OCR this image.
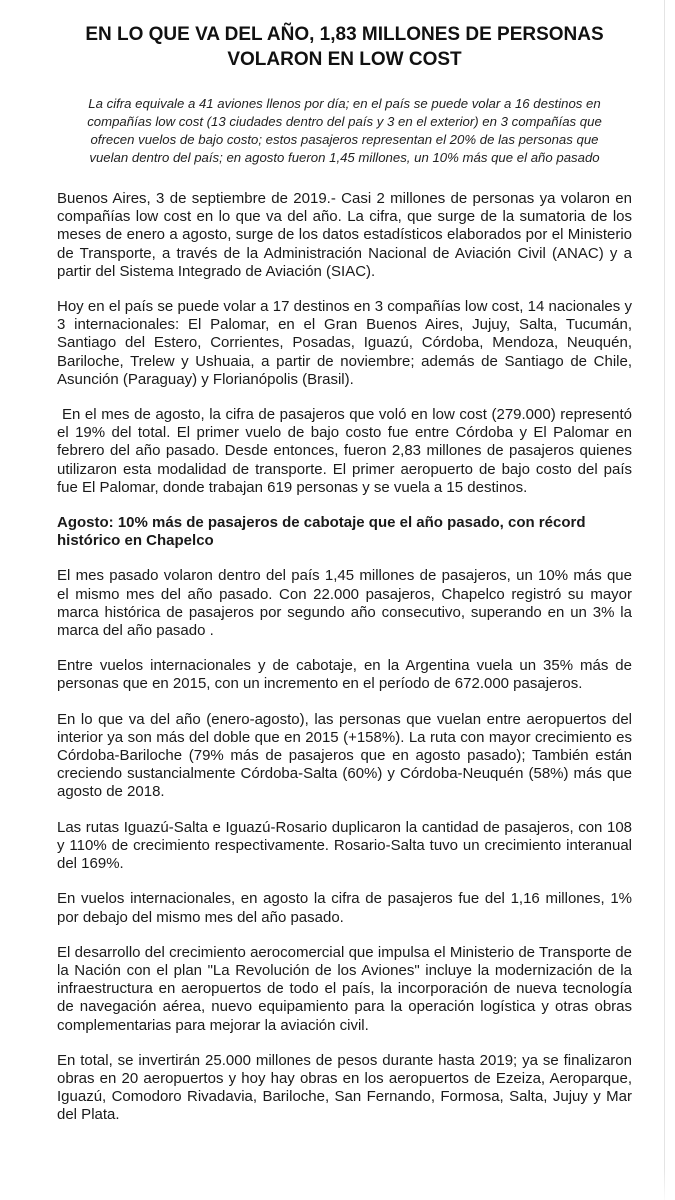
EN LO QUE VA DEL AÑO, 1,83 MILLONES DE PERSONAS
VOLARON EN LOW COST
La cifra equivale a 41 aviones llenos por día; en el país se puede volar a 16 destinos en
compañías low cost (13 ciudades dentro del país y 3 en el exterior) en 3 compañías que
ofrecen vuelos de bajo costo; estos pasajeros representan el 20% de las personas que
vuelan dentro del país; en agosto fueron 1,45 millones, un 10% más que el año pasado

Buenos Aires, 3 de septiembre de 2019.- Casi 2 millones de personas ya volaron en compañías low cost en lo que va del año. La cifra, que surge de la sumatoria de los meses de enero a agosto, surge de los datos estadísticos elaborados por el Ministerio de Transporte, a través de la Administración Nacional de Aviación Civil (ANAC) y a partir del Sistema Integrado de Aviación (SIAC).

Hoy en el país se puede volar a 17 destinos en 3 compañías low cost, 14 nacionales y 3 internacionales: El Palomar, en el Gran Buenos Aires, Jujuy, Salta, Tucumán, Santiago del Estero, Corrientes, Posadas, Iguazú, Córdoba, Mendoza, Neuquén, Bariloche, Trelew y Ushuaia, a partir de noviembre; además de Santiago de Chile, Asunción (Paraguay) y Florianópolis (Brasil).

En el mes de agosto, la cifra de pasajeros que voló en low cost (279.000) representó el 19% del total. El primer vuelo de bajo costo fue entre Córdoba y El Palomar en febrero del año pasado. Desde entonces, fueron 2,83 millones de pasajeros quienes utilizaron esta modalidad de transporte. El primer aeropuerto de bajo costo del país fue El Palomar, donde trabajan 619 personas y se vuela a 15 destinos.

Agosto: 10% más de pasajeros de cabotaje que el año pasado, con récord histórico en Chapelco

El mes pasado volaron dentro del país 1,45 millones de pasajeros, un 10% más que el mismo mes del año pasado. Con 22.000 pasajeros, Chapelco registró su mayor marca histórica de pasajeros por segundo año consecutivo, superando en un 3% la marca del año pasado .

Entre vuelos internacionales y de cabotaje, en la Argentina vuela un 35% más de personas que en 2015, con un incremento en el período de 672.000 pasajeros.

En lo que va del año (enero-agosto), las personas que vuelan entre aeropuertos del interior ya son más del doble que en 2015 (+158%). La ruta con mayor crecimiento es Córdoba-Bariloche (79% más de pasajeros que en agosto pasado); También están creciendo sustancialmente Córdoba-Salta (60%) y Córdoba-Neuquén (58%) más que agosto de 2018.

Las rutas Iguazú-Salta e Iguazú-Rosario duplicaron la cantidad de pasajeros, con 108 y 110% de crecimiento respectivamente. Rosario-Salta tuvo un crecimiento interanual del 169%.

En vuelos internacionales, en agosto la cifra de pasajeros fue del 1,16 millones, 1% por debajo del mismo mes del año pasado.

El desarrollo del crecimiento aerocomercial que impulsa el Ministerio de Transporte de la Nación con el plan "La Revolución de los Aviones" incluye la modernización de la infraestructura en aeropuertos de todo el país, la incorporación de nueva tecnología de navegación aérea, nuevo equipamiento para la operación logística y otras obras complementarias para mejorar la aviación civil.

En total, se invertirán 25.000 millones de pesos durante hasta 2019; ya se finalizaron obras en 20 aeropuertos y hoy hay obras en los aeropuertos de Ezeiza, Aeroparque, Iguazú, Comodoro Rivadavia, Bariloche, San Fernando, Formosa, Salta, Jujuy y Mar del Plata.
